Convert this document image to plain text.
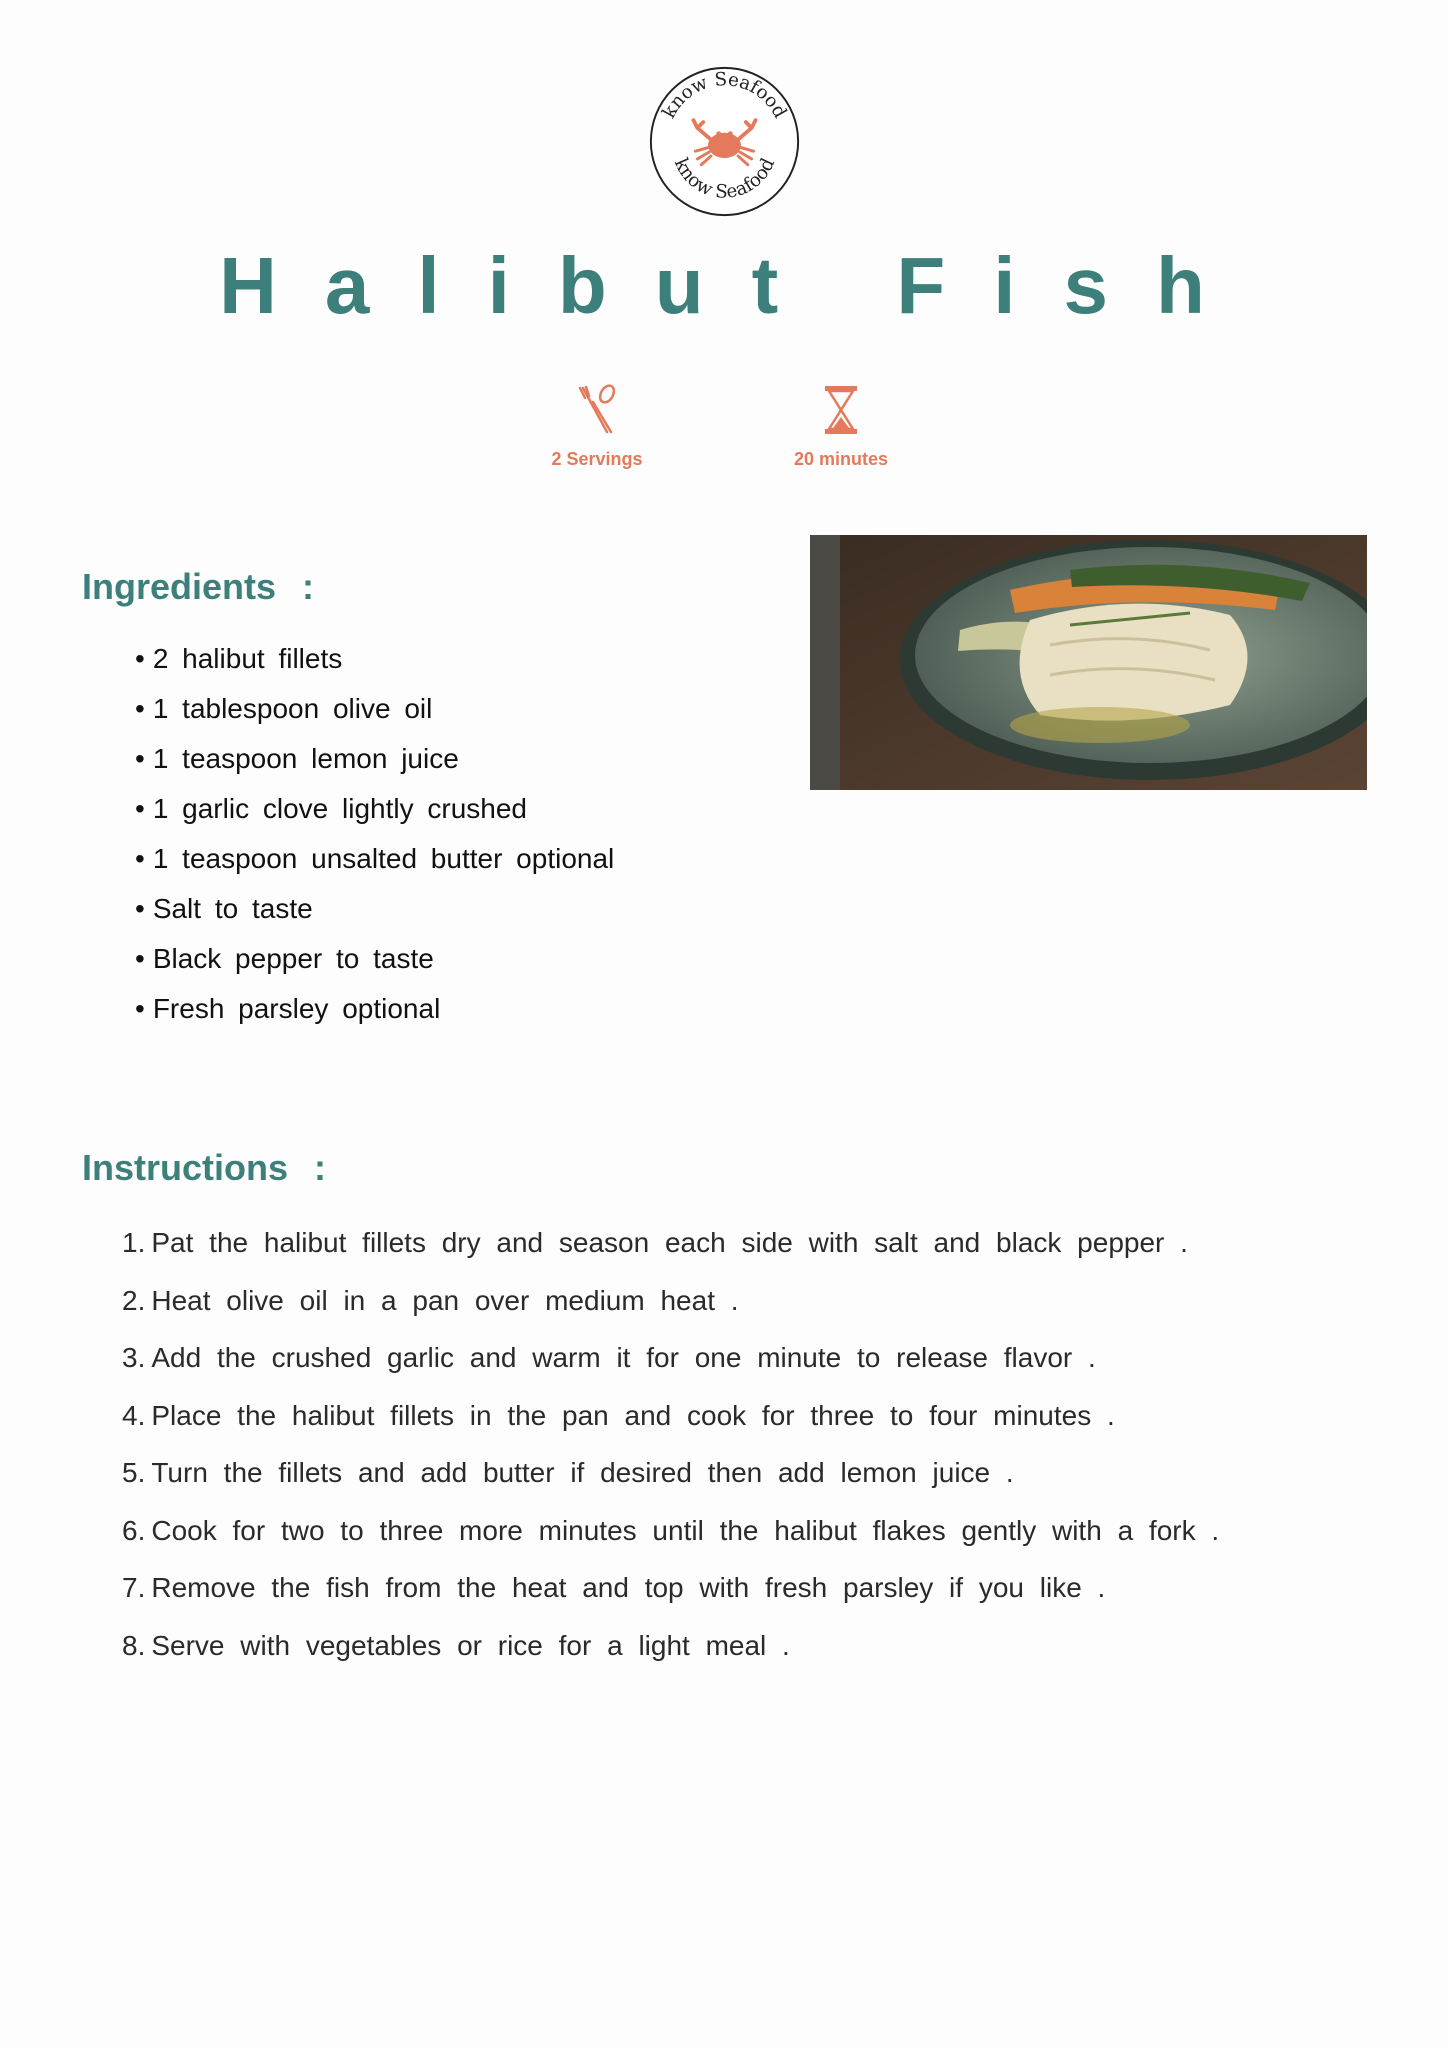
know Seafood
know Seafood
Halibut Fish
2 Servings	20 minutes
Ingredients :
• 2 halibut fillets
• 1 tablespoon olive oil
• 1 teaspoon lemon juice
• 1 garlic clove lightly crushed
• 1 teaspoon unsalted butter optional
• Salt to taste
• Black pepper to taste
• Fresh parsley optional
Instructions :
1. Pat the halibut fillets dry and season each side with salt and black pepper .
2. Heat olive oil in a pan over medium heat .
3. Add the crushed garlic and warm it for one minute to release flavor .
4. Place the halibut fillets in the pan and cook for three to four minutes .
5. Turn the fillets and add butter if desired then add lemon juice .
6. Cook for two to three more minutes until the halibut flakes gently with a fork .
7. Remove the fish from the heat and top with fresh parsley if you like .
8. Serve with vegetables or rice for a light meal .
